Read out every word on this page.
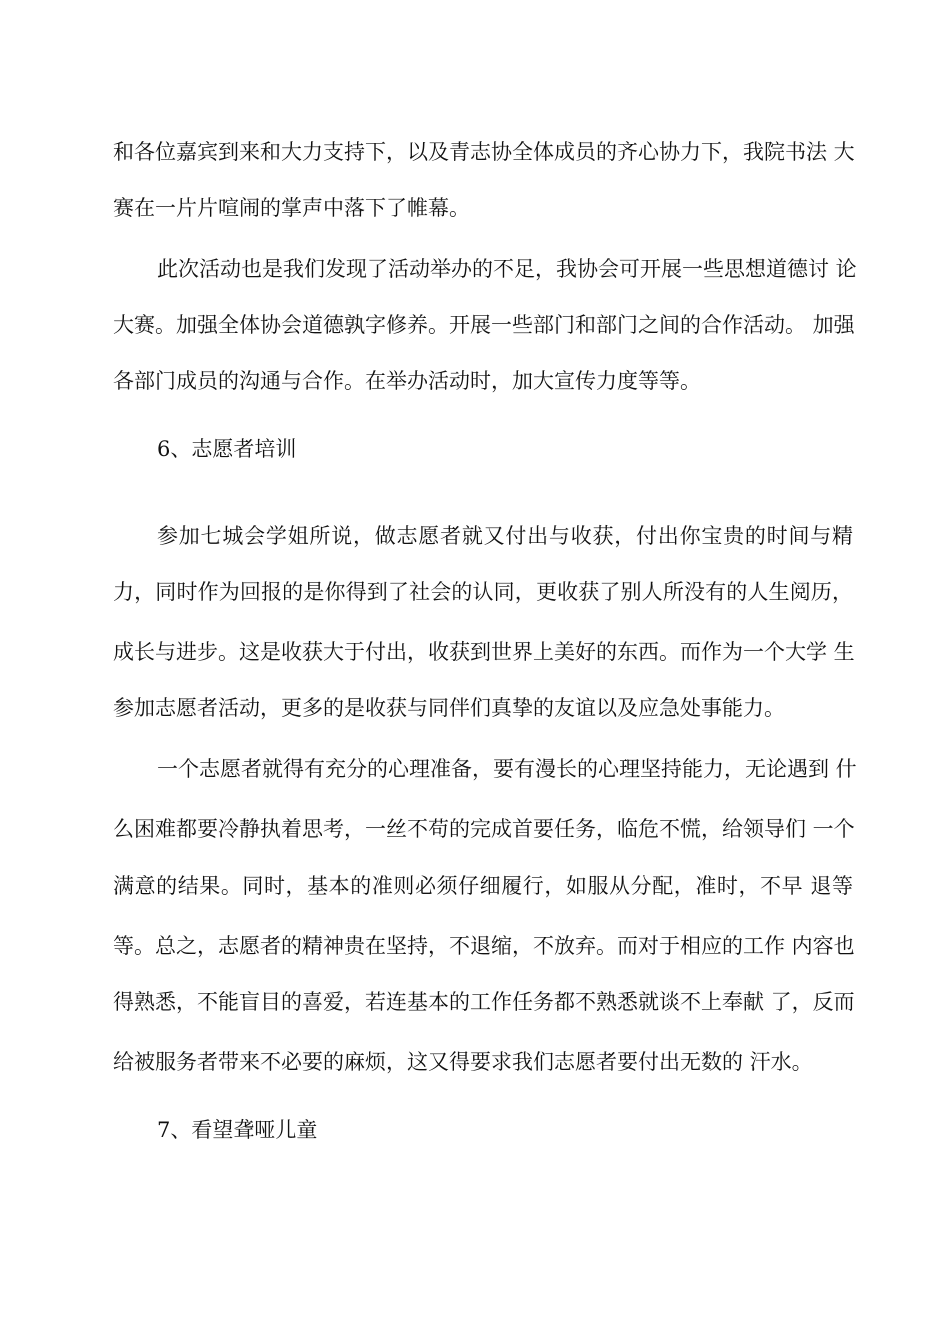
和各位嘉宾到来和大力支持下，以及青志协全体成员的齐心协力下，我院书法 大
赛在一片片喧闹的掌声中落下了帷幕。
此次活动也是我们发现了活动举办的不足，我协会可开展一些思想道德讨 论
大赛。加强全体协会道德孰字修养。开展一些部门和部门之间的合作活动。 加强
各部门成员的沟通与合作。在举办活动时，加大宣传力度等等。
6、志愿者培训
参加七城会学姐所说，做志愿者就又付出与收获，付出你宝贵的时间与精
力，同时作为回报的是你得到了社会的认同，更收获了别人所没有的人生阅历，
成长与进步。这是收获大于付出，收获到世界上美好的东西。而作为一个大学 生
参加志愿者活动，更多的是收获与同伴们真挚的友谊以及应急处事能力。
一个志愿者就得有充分的心理准备，要有漫长的心理坚持能力，无论遇到 什
么困难都要冷静执着思考，一丝不苟的完成首要任务，临危不慌，给领导们 一个
满意的结果。同时，基本的准则必须仔细履行，如服从分配，准时，不早 退等
等。总之，志愿者的精神贵在坚持，不退缩，不放弃。而对于相应的工作 内容也
得熟悉，不能盲目的喜爱，若连基本的工作任务都不熟悉就谈不上奉献 了，反而
给被服务者带来不必要的麻烦，这又得要求我们志愿者要付出无数的 汗水。
7、看望聋哑儿童
